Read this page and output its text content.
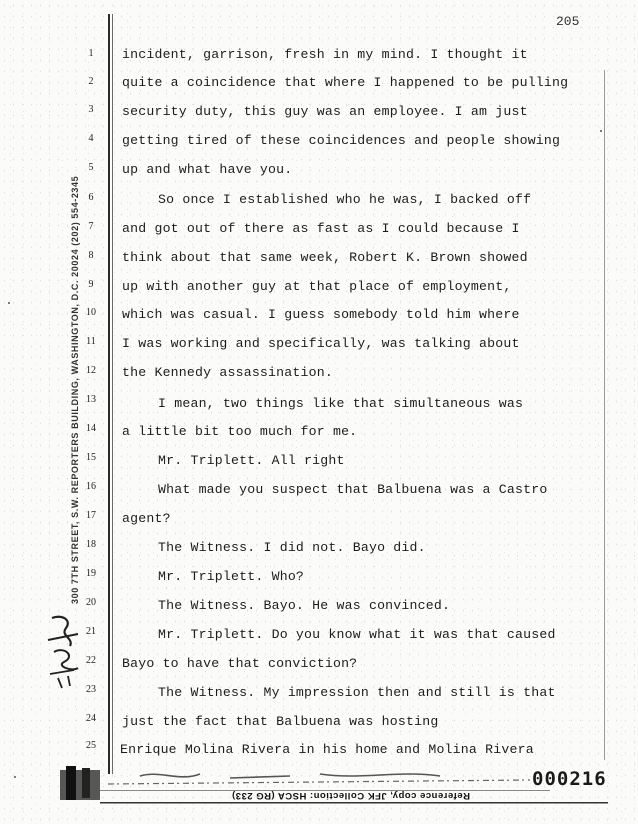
205
300 7TH STREET, S.W. REPORTERS BUILDING, WASHINGTON, D.C. 20024 (202) 554-2345
1	incident, garrison, fresh in my mind. I thought it
2	quite a coincidence that where I happened to be pulling
3	security duty, this guy was an employee. I am just
4	getting tired of these coincidences and people showing
5	up and what have you.
6	So once I established who he was, I backed off
7	and got out of there as fast as I could because I
8	think about that same week, Robert K. Brown showed
9	up with another guy at that place of employment,
10	which was casual. I guess somebody told him where
11	I was working and specifically, was talking about
12	the Kennedy assassination.
13	I mean, two things like that simultaneous was
14	a little bit too much for me.
15	Mr. Triplett. All right
16	What made you suspect that Balbuena was a Castro
17	agent?
18	The Witness. I did not. Bayo did.
19	Mr. Triplett. Who?
20	The Witness. Bayo. He was convinced.
21	Mr. Triplett. Do you know what it was that caused
22	Bayo to have that conviction?
23	The Witness. My impression then and still is that
24	just the fact that Balbuena was hosting
25	Enrique Molina Rivera in his home and Molina Rivera
Reference copy, JFK Collection: HSCA (RG 233)
000216
